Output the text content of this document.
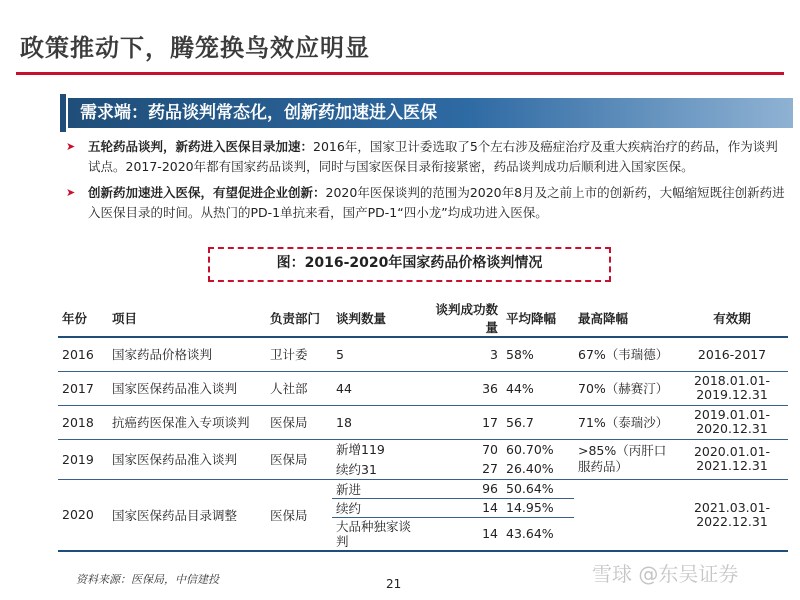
政策推动下，腾笼换鸟效应明显
需求端：药品谈判常态化，创新药加速进入医保
➤ 五轮药品谈判，新药进入医保目录加速：2016年，国家卫计委选取了5个左右涉及癌症治疗及重大疾病治疗的药品，作为谈判试点。2017-2020年都有国家药品谈判，同时与国家医保目录衔接紧密，药品谈判成功后顺利进入国家医保。
➤ 创新药加速进入医保，有望促进企业创新：2020年医保谈判的范围为2020年8月及之前上市的创新药，大幅缩短既往创新药进入医保目录的时间。从热门的PD-1单抗来看，国产PD-1“四小龙”均成功进入医保。
图：2016-2020年国家药品价格谈判情况
年份	项目	负责部门	谈判数量	谈判成功数量	平均降幅	最高降幅	有效期
2016	国家药品价格谈判	卫计委	5	3	58%	67%（韦瑞德）	2016-2017
2017	国家医保药品准入谈判	人社部	44	36	44%	70%（赫赛汀）	2018.01.01-2019.12.31
2018	抗癌药医保准入专项谈判	医保局	18	17	56.7	71%（泰瑞沙）	2019.01.01-2020.12.31
2019	国家医保药品准入谈判	医保局	新增119	70	60.70%	>85%（丙肝口服药品）	2020.01.01-2021.12.31
			续约31	27	26.40%		
2020	国家医保药品目录调整	医保局	新进	96	50.64%		2021.03.01-2022.12.31
			续约	14	14.95%		
			大品种独家谈判	14	43.64%		
资料来源：医保局，中信建投	21	雪球 @东吴证券
